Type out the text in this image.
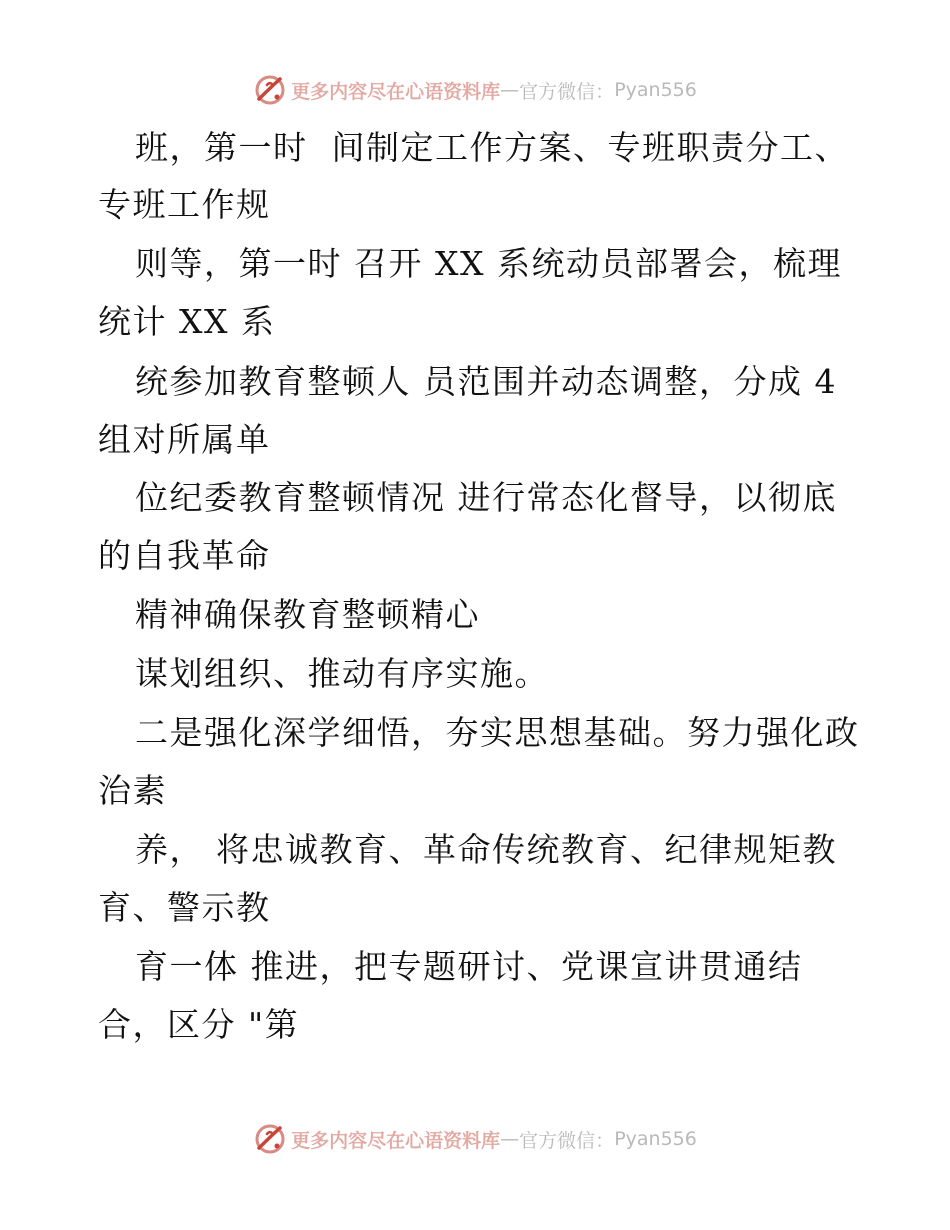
更多内容尽在心语资料库 — 官方微信： Pyan556
班，第一时  间制定工作方案、专班职责分工、
专班工作规
则等，第一时 召开 XX 系统动员部署会，梳理
统计 XX 系
统参加教育整顿人 员范围并动态调整，分成 4
组对所属单
位纪委教育整顿情况 进行常态化督导，以彻底
的自我革命
精神确保教育整顿精心
谋划组织、推动有序实施。
二是强化深学细悟，夯实思想基础。努力强化政
治素
养， 将忠诚教育、革命传统教育、纪律规矩教
育、警示教
育一体 推进，把专题研讨、党课宣讲贯通结
合，区分 "第
更多内容尽在心语资料库 — 官方微信： Pyan556
